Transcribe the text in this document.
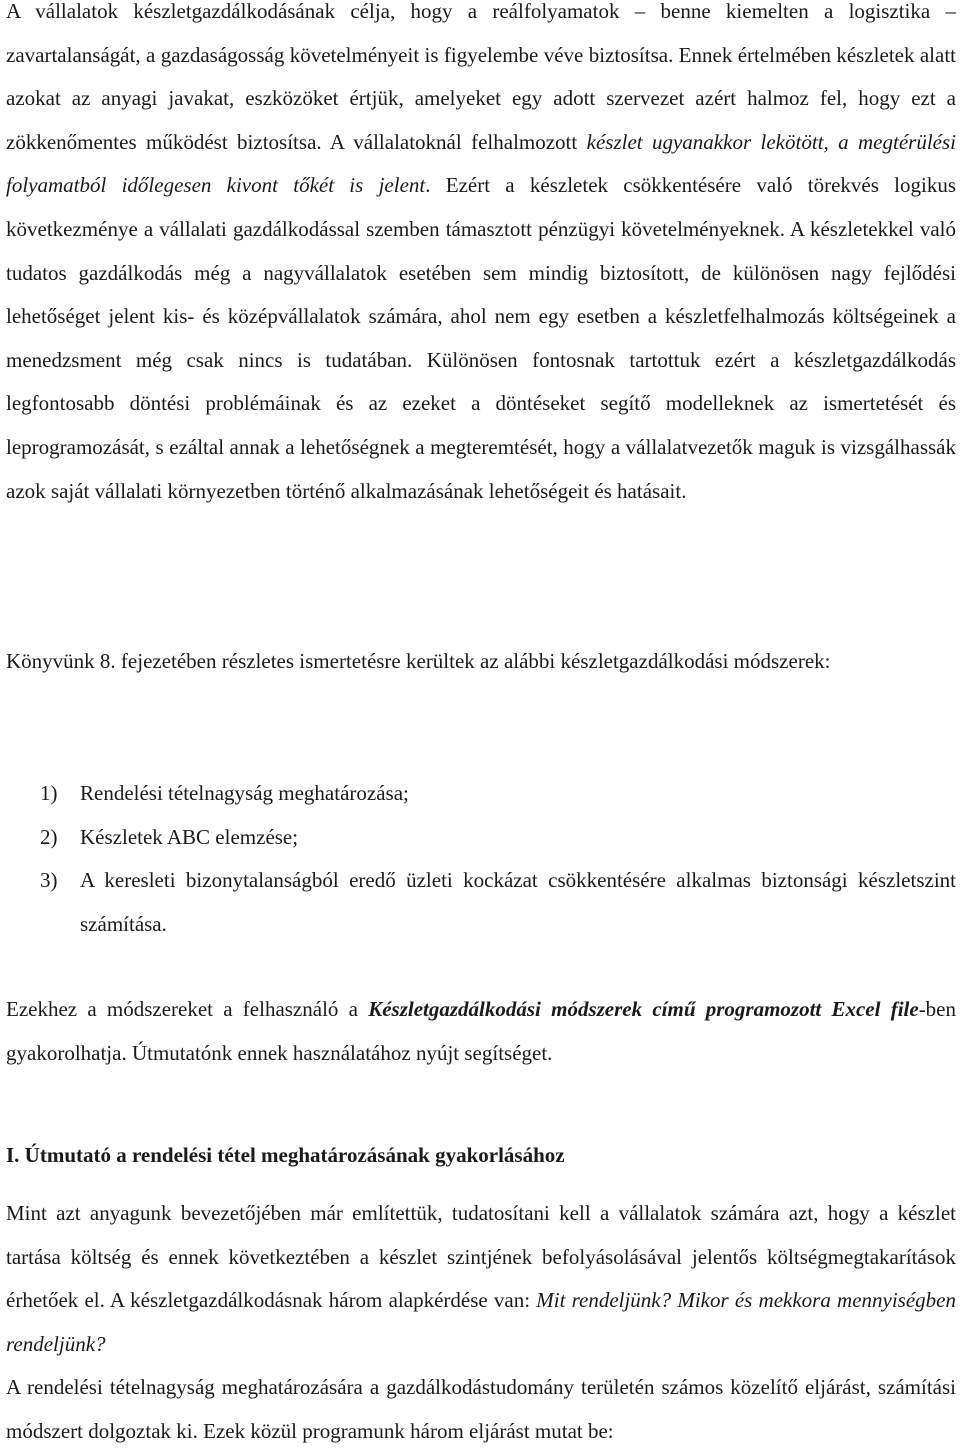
A vállalatok készletgazdálkodásának célja, hogy a reálfolyamatok – benne kiemelten a logisztika –zavartalanságát, a gazdaságosság követelményeit is figyelembe véve biztosítsa. Ennek értelmében készletek alatt azokat az anyagi javakat, eszközöket értjük, amelyeket egy adott szervezet azért halmoz fel, hogy ezt a zökkenőmentes működést biztosítsa. A vállalatoknál felhalmozott készlet ugyanakkor lekötött, a megtérülési folyamatból időlegesen kivont tőkét is jelent. Ezért a készletek csökkentésére való törekvés logikus következménye a vállalati gazdálkodással szemben támasztott pénzügyi követelményeknek. A készletekkel való tudatos gazdálkodás még a nagyvállalatok esetében sem mindig biztosított, de különösen nagy fejlődési lehetőséget jelent kis- és középvállalatok számára, ahol nem egy esetben a készletfelhalmozás költségeinek a menedzsment még csak nincs is tudatában. Különösen fontosnak tartottuk ezért a készletgazdálkodás legfontosabb döntési problémáinak és az ezeket a döntéseket segítő modelleknek az ismertetését és leprogramozását, s ezáltal annak a lehetőségnek a megteremtését, hogy a vállalatvezetők maguk is vizsgálhassák azok saját vállalati környezetben történő alkalmazásának lehetőségeit és hatásait.

Könyvünk 8. fejezetében részletes ismertetésre kerültek az alábbi készletgazdálkodási módszerek:

1)	Rendelési tételnagyság meghatározása;
2)	Készletek ABC elemzése;
3)	A keresleti bizonytalanságból eredő üzleti kockázat csökkentésére alkalmas biztonsági készletszint számítása.

Ezekhez a módszereket a felhasználó a Készletgazdálkodási módszerek című programozott Excel file-ben gyakorolhatja. Útmutatónk ennek használatához nyújt segítséget.

I. Útmutató a rendelési tétel meghatározásának gyakorlásához

Mint azt anyagunk bevezetőjében már említettük, tudatosítani kell a vállalatok számára azt, hogy a készlet tartása költség és ennek következtében a készlet szintjének befolyásolásával jelentős költségmegtakarítások érhetőek el. A készletgazdálkodásnak három alapkérdése van: Mit rendeljünk? Mikor és mekkora mennyiségben rendeljünk?
A rendelési tételnagyság meghatározására a gazdálkodástudomány területén számos közelítő eljárást, számítási módszert dolgoztak ki. Ezek közül programunk három eljárást mutat be:
